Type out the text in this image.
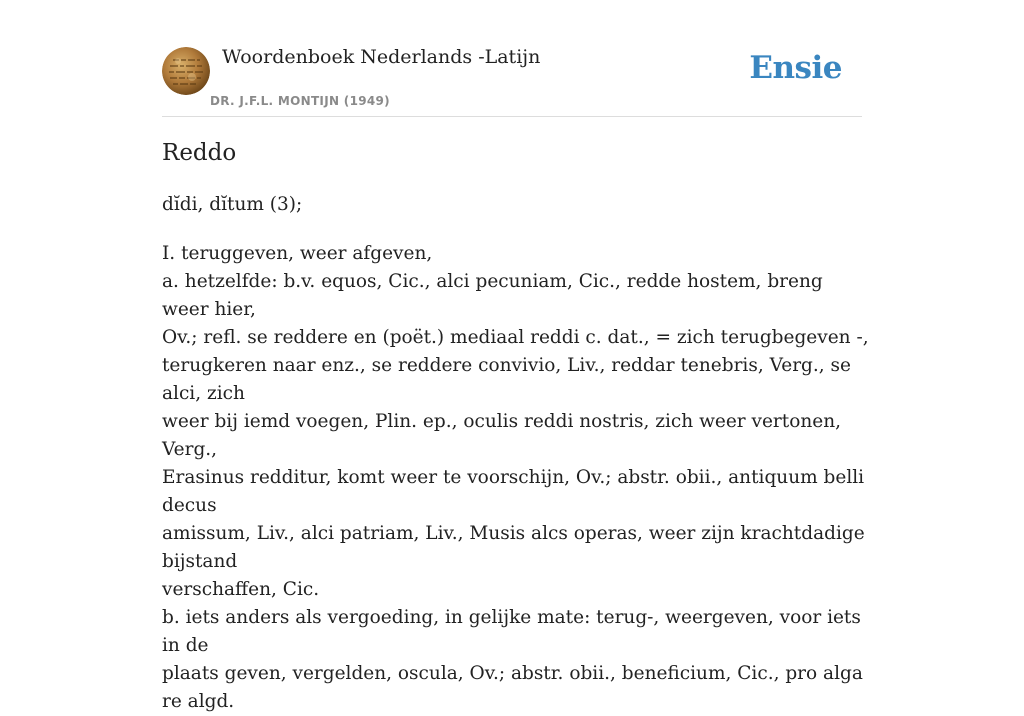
Woordenboek Nederlands -Latijn
DR. J.F.L. MONTIJN (1949)
Ensie
Reddo

dĭdi, dĭtum (3);

I. teruggeven, weer afgeven,
a. hetzelfde: b.v. equos, Cic., alci pecuniam, Cic., redde hostem, breng weer hier,
Ov.; refl. se reddere en (poët.) mediaal reddi c. dat., = zich terugbegeven -,
terugkeren naar enz., se reddere convivio, Liv., reddar tenebris, Verg., se alci, zich
weer bij iemd voegen, Plin. ep., oculis reddi nostris, zich weer vertonen, Verg.,
Erasinus redditur, komt weer te voorschijn, Ov.; abstr. obii., antiquum belli decus
amissum, Liv., alci patriam, Liv., Musis alcs operas, weer zijn krachtdadige bijstand
verschaffen, Cic.
b. iets anders als vergoeding, in gelijke mate: terug-, weergeven, voor iets in de
plaats geven, vergelden, oscula, Ov.; abstr. obii., beneficium, Cic., pro alga re algd.
